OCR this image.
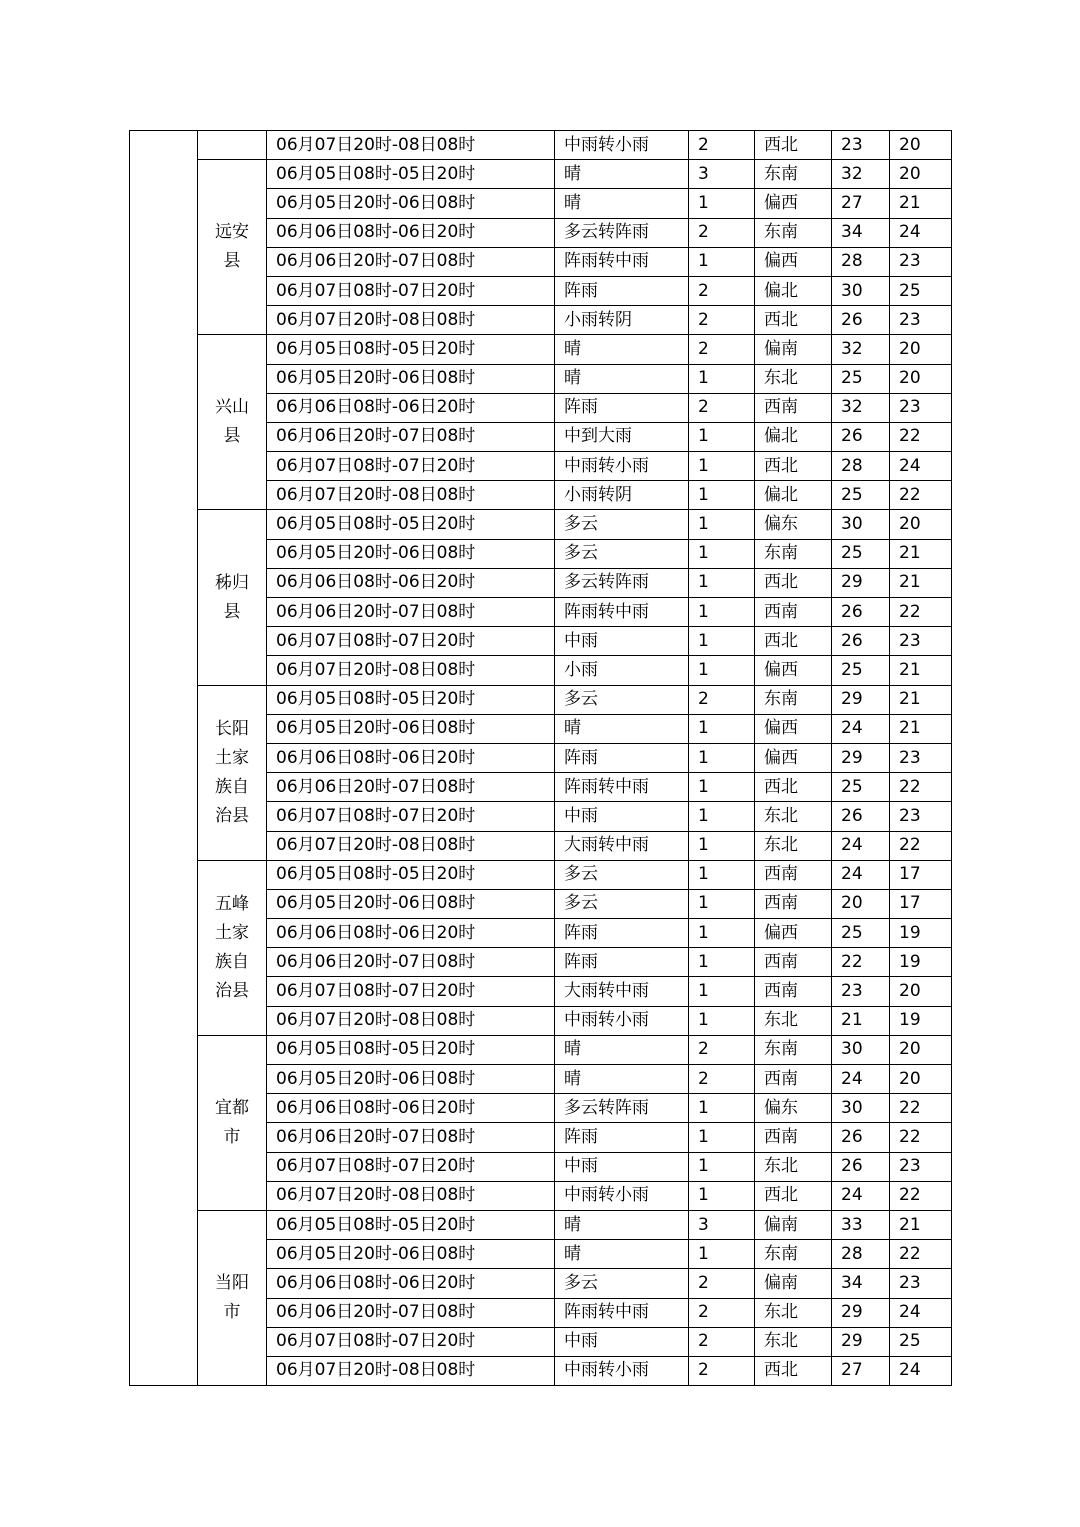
		06月07日20时-08日08时	中雨转小雨	2	西北	23	20
	远安县	06月05日08时-05日20时	晴	3	东南	32	20
		06月05日20时-06日08时	晴	1	偏西	27	21
		06月06日08时-06日20时	多云转阵雨	2	东南	34	24
		06月06日20时-07日08时	阵雨转中雨	1	偏西	28	23
		06月07日08时-07日20时	阵雨	2	偏北	30	25
		06月07日20时-08日08时	小雨转阴	2	西北	26	23
	兴山县	06月05日08时-05日20时	晴	2	偏南	32	20
		06月05日20时-06日08时	晴	1	东北	25	20
		06月06日08时-06日20时	阵雨	2	西南	32	23
		06月06日20时-07日08时	中到大雨	1	偏北	26	22
		06月07日08时-07日20时	中雨转小雨	1	西北	28	24
		06月07日20时-08日08时	小雨转阴	1	偏北	25	22
	秭归县	06月05日08时-05日20时	多云	1	偏东	30	20
		06月05日20时-06日08时	多云	1	东南	25	21
		06月06日08时-06日20时	多云转阵雨	1	西北	29	21
		06月06日20时-07日08时	阵雨转中雨	1	西南	26	22
		06月07日08时-07日20时	中雨	1	西北	26	23
		06月07日20时-08日08时	小雨	1	偏西	25	21
	长阳土家族自治县	06月05日08时-05日20时	多云	2	东南	29	21
		06月05日20时-06日08时	晴	1	偏西	24	21
		06月06日08时-06日20时	阵雨	1	偏西	29	23
		06月06日20时-07日08时	阵雨转中雨	1	西北	25	22
		06月07日08时-07日20时	中雨	1	东北	26	23
		06月07日20时-08日08时	大雨转中雨	1	东北	24	22
	五峰土家族自治县	06月05日08时-05日20时	多云	1	西南	24	17
		06月05日20时-06日08时	多云	1	西南	20	17
		06月06日08时-06日20时	阵雨	1	偏西	25	19
		06月06日20时-07日08时	阵雨	1	西南	22	19
		06月07日08时-07日20时	大雨转中雨	1	西南	23	20
		06月07日20时-08日08时	中雨转小雨	1	东北	21	19
	宜都市	06月05日08时-05日20时	晴	2	东南	30	20
		06月05日20时-06日08时	晴	2	西南	24	20
		06月06日08时-06日20时	多云转阵雨	1	偏东	30	22
		06月06日20时-07日08时	阵雨	1	西南	26	22
		06月07日08时-07日20时	中雨	1	东北	26	23
		06月07日20时-08日08时	中雨转小雨	1	西北	24	22
	当阳市	06月05日08时-05日20时	晴	3	偏南	33	21
		06月05日20时-06日08时	晴	1	东南	28	22
		06月06日08时-06日20时	多云	2	偏南	34	23
		06月06日20时-07日08时	阵雨转中雨	2	东北	29	24
		06月07日08时-07日20时	中雨	2	东北	29	25
		06月07日20时-08日08时	中雨转小雨	2	西北	27	24
